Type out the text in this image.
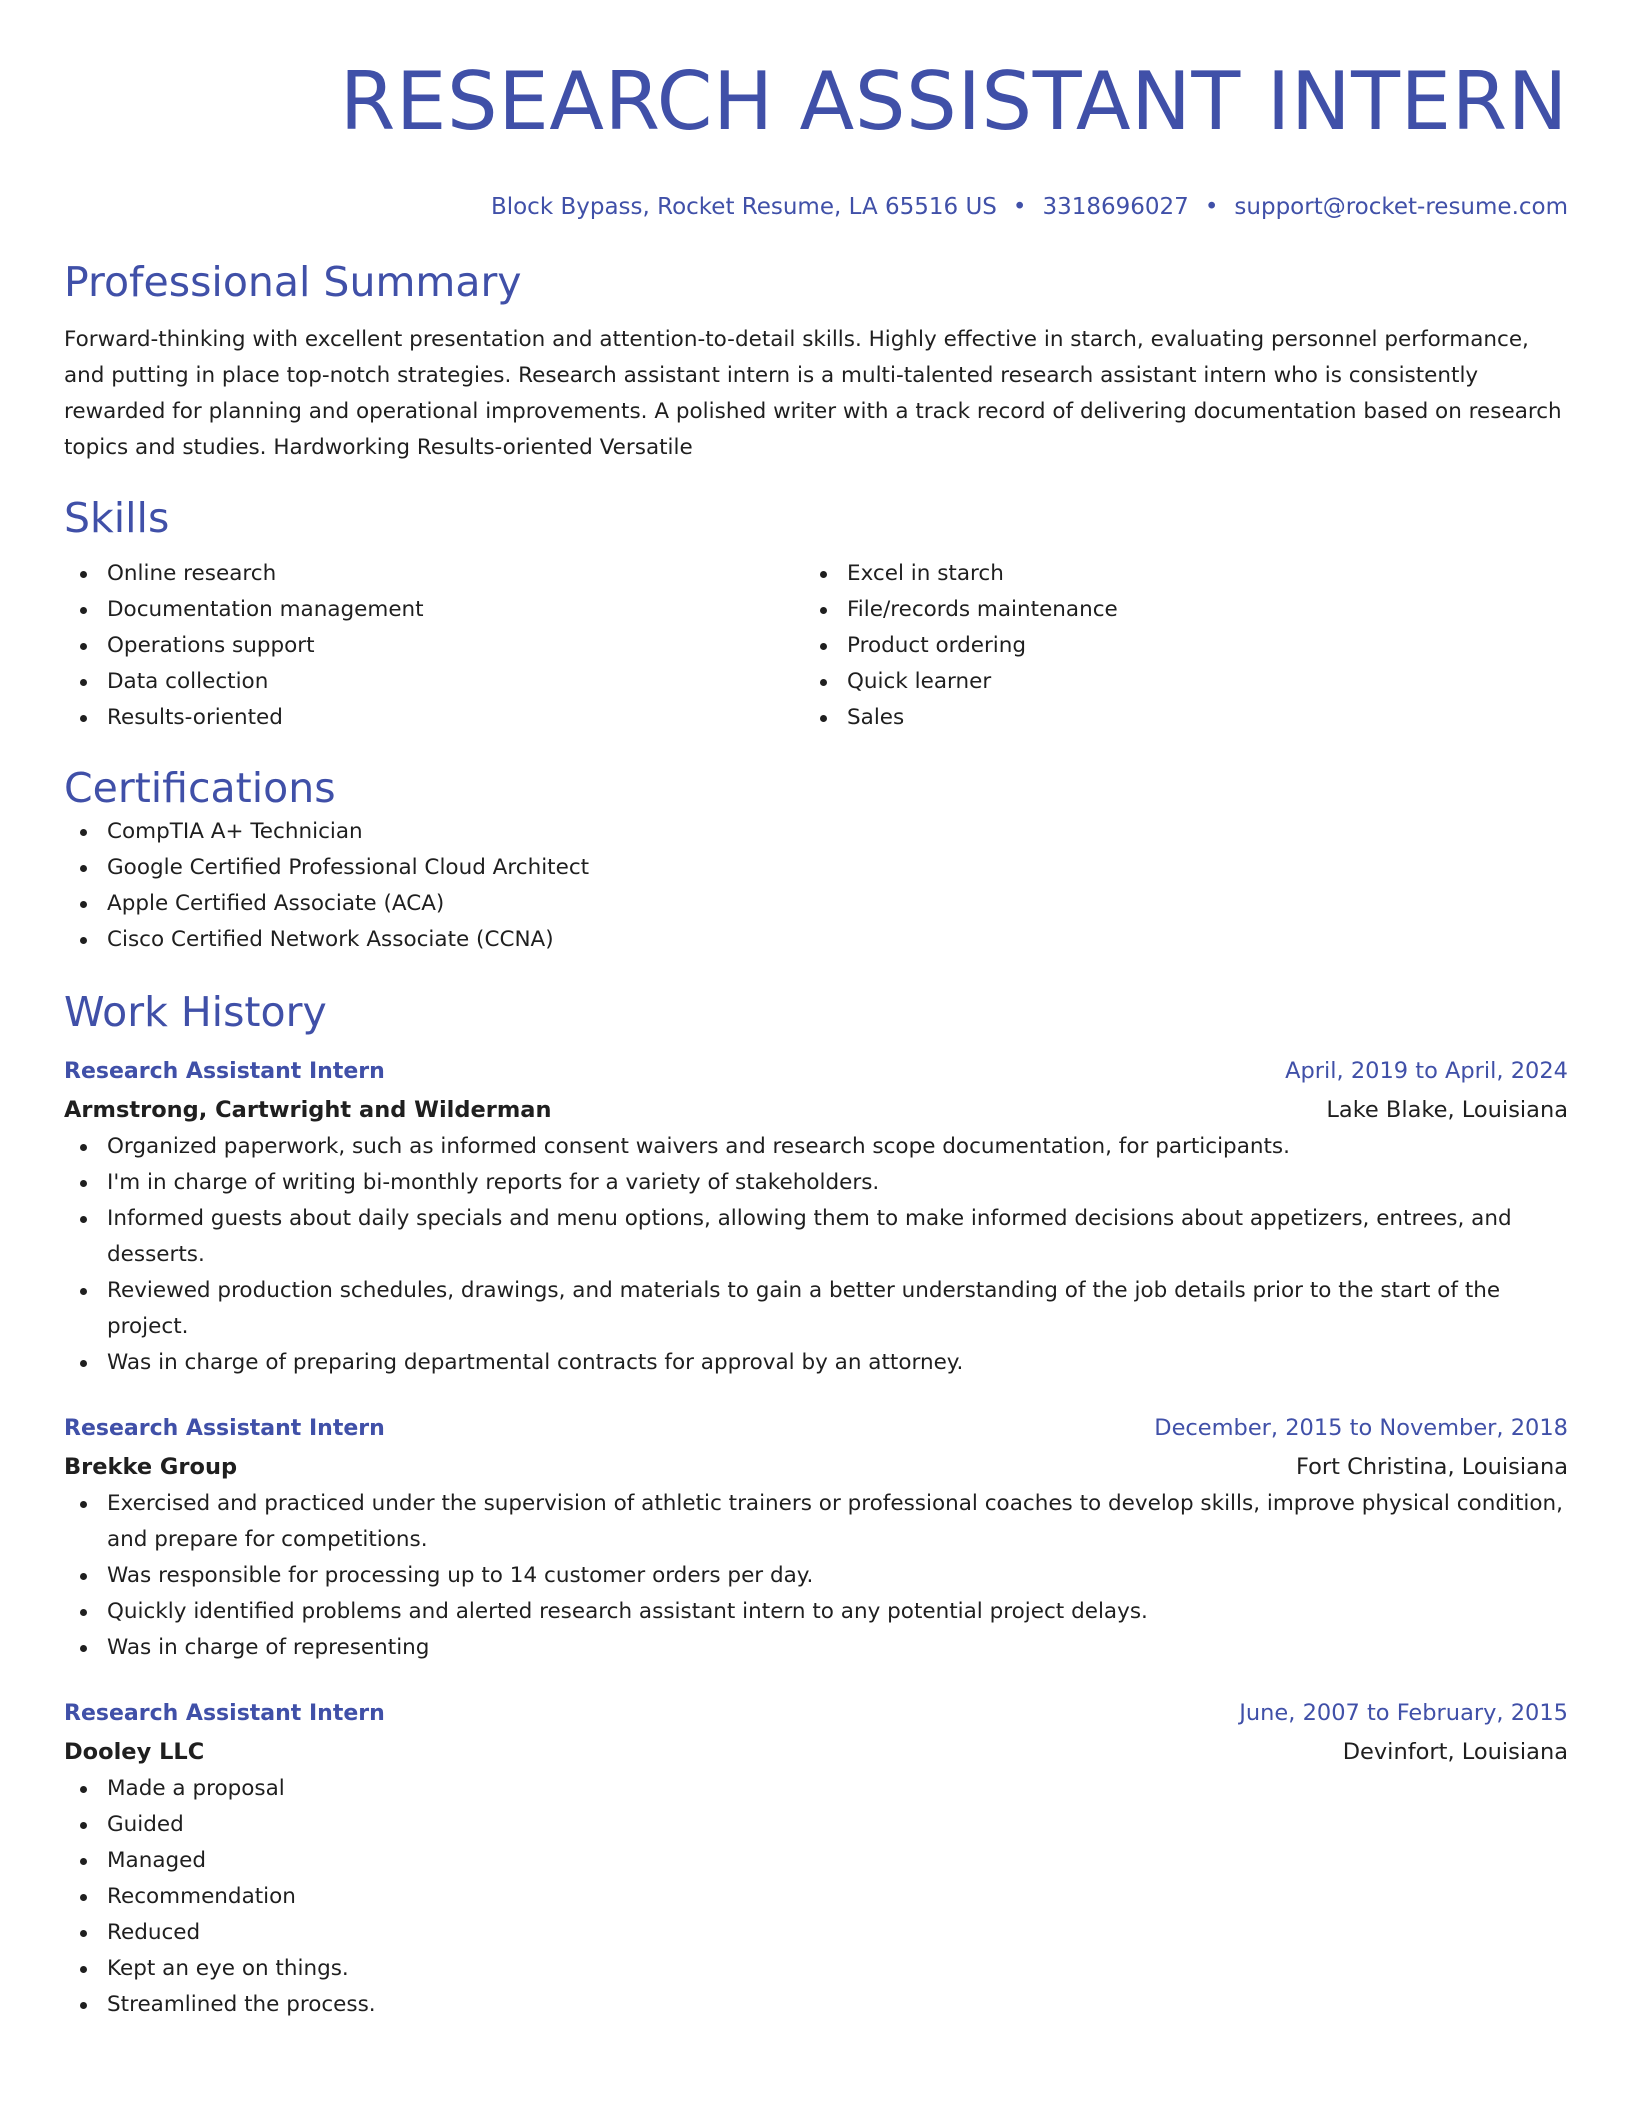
RESEARCH ASSISTANT INTERN
Block Bypass, Rocket Resume, LA 65516 US • 3318696027 • support@rocket-resume.com
Professional Summary
Forward-thinking with excellent presentation and attention-to-detail skills. Highly effective in starch, evaluating personnel performance, and putting in place top-notch strategies. Research assistant intern is a multi-talented research assistant intern who is consistently rewarded for planning and operational improvements. A polished writer with a track record of delivering documentation based on research topics and studies. Hardworking Results-oriented Versatile
Skills
Online research
Documentation management
Operations support
Data collection
Results-oriented
Excel in starch
File/records maintenance
Product ordering
Quick learner
Sales
Certifications
CompTIA A+ Technician
Google Certified Professional Cloud Architect
Apple Certified Associate (ACA)
Cisco Certified Network Associate (CCNA)
Work History
Research Assistant Intern	April, 2019 to April, 2024
Armstrong, Cartwright and Wilderman	Lake Blake, Louisiana
Organized paperwork, such as informed consent waivers and research scope documentation, for participants.
I'm in charge of writing bi-monthly reports for a variety of stakeholders.
Informed guests about daily specials and menu options, allowing them to make informed decisions about appetizers, entrees, and desserts.
Reviewed production schedules, drawings, and materials to gain a better understanding of the job details prior to the start of the project.
Was in charge of preparing departmental contracts for approval by an attorney.
Research Assistant Intern	December, 2015 to November, 2018
Brekke Group	Fort Christina, Louisiana
Exercised and practiced under the supervision of athletic trainers or professional coaches to develop skills, improve physical condition, and prepare for competitions.
Was responsible for processing up to 14 customer orders per day.
Quickly identified problems and alerted research assistant intern to any potential project delays.
Was in charge of representing
Research Assistant Intern	June, 2007 to February, 2015
Dooley LLC	Devinfort, Louisiana
Made a proposal
Guided
Managed
Recommendation
Reduced
Kept an eye on things.
Streamlined the process.
